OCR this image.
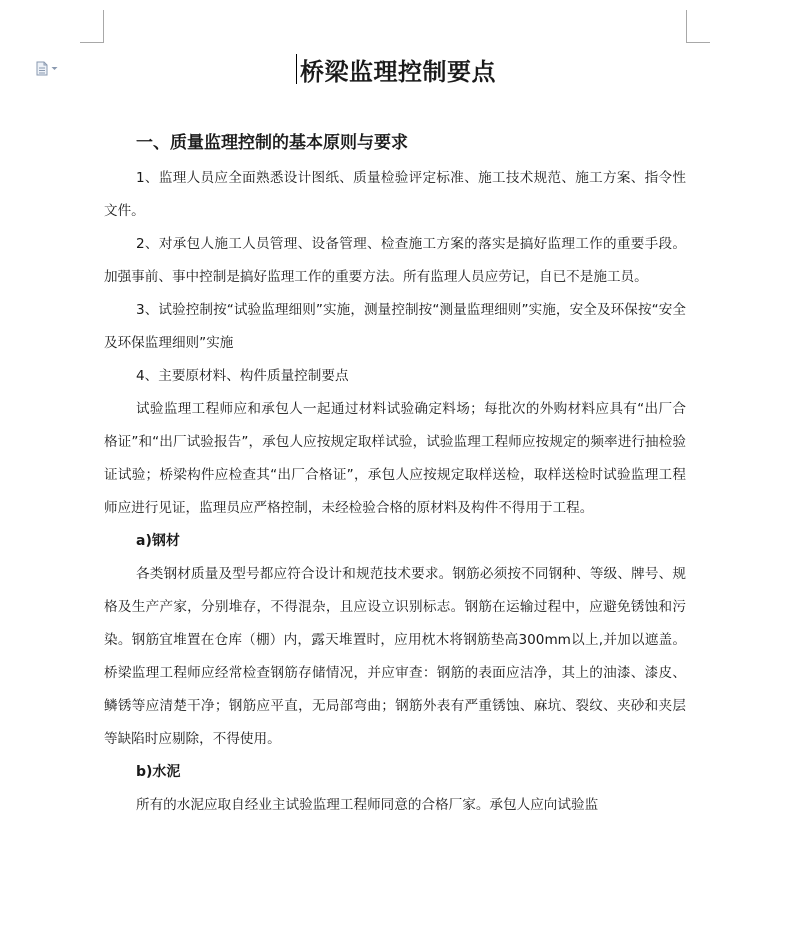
桥梁监理控制要点
一、质量监理控制的基本原则与要求

1、监理人员应全面熟悉设计图纸、质量检验评定标准、施工技术规范、施工方案、指令性文件。

2、对承包人施工人员管理、设备管理、检查施工方案的落实是搞好监理工作的重要手段。加强事前、事中控制是搞好监理工作的重要方法。所有监理人员应劳记，自已不是施工员。

3、试验控制按“试验监理细则”实施，测量控制按“测量监理细则”实施，安全及环保按“安全及环保监理细则”实施

4、主要原材料、构件质量控制要点

试验监理工程师应和承包人一起通过材料试验确定料场；每批次的外购材料应具有“出厂合格证”和“出厂试验报告”，承包人应按规定取样试验，试验监理工程师应按规定的频率进行抽检验证试验；桥梁构件应检查其“出厂合格证”，承包人应按规定取样送检，取样送检时试验监理工程师应进行见证，监理员应严格控制，未经检验合格的原材料及构件不得用于工程。

a)钢材

各类钢材质量及型号都应符合设计和规范技术要求。钢筋必须按不同钢种、等级、牌号、规格及生产产家，分别堆存，不得混杂，且应设立识别标志。钢筋在运输过程中，应避免锈蚀和污染。钢筋宜堆置在仓库（棚）内，露天堆置时，应用枕木将钢筋垫高300mm以上,并加以遮盖。桥梁监理工程师应经常检查钢筋存储情况，并应审查：钢筋的表面应洁净，其上的油漆、漆皮、鳞锈等应清楚干净；钢筋应平直，无局部弯曲；钢筋外表有严重锈蚀、麻坑、裂纹、夹砂和夹层等缺陷时应剔除，不得使用。

b)水泥

所有的水泥应取自经业主试验监理工程师同意的合格厂家。承包人应向试验监
